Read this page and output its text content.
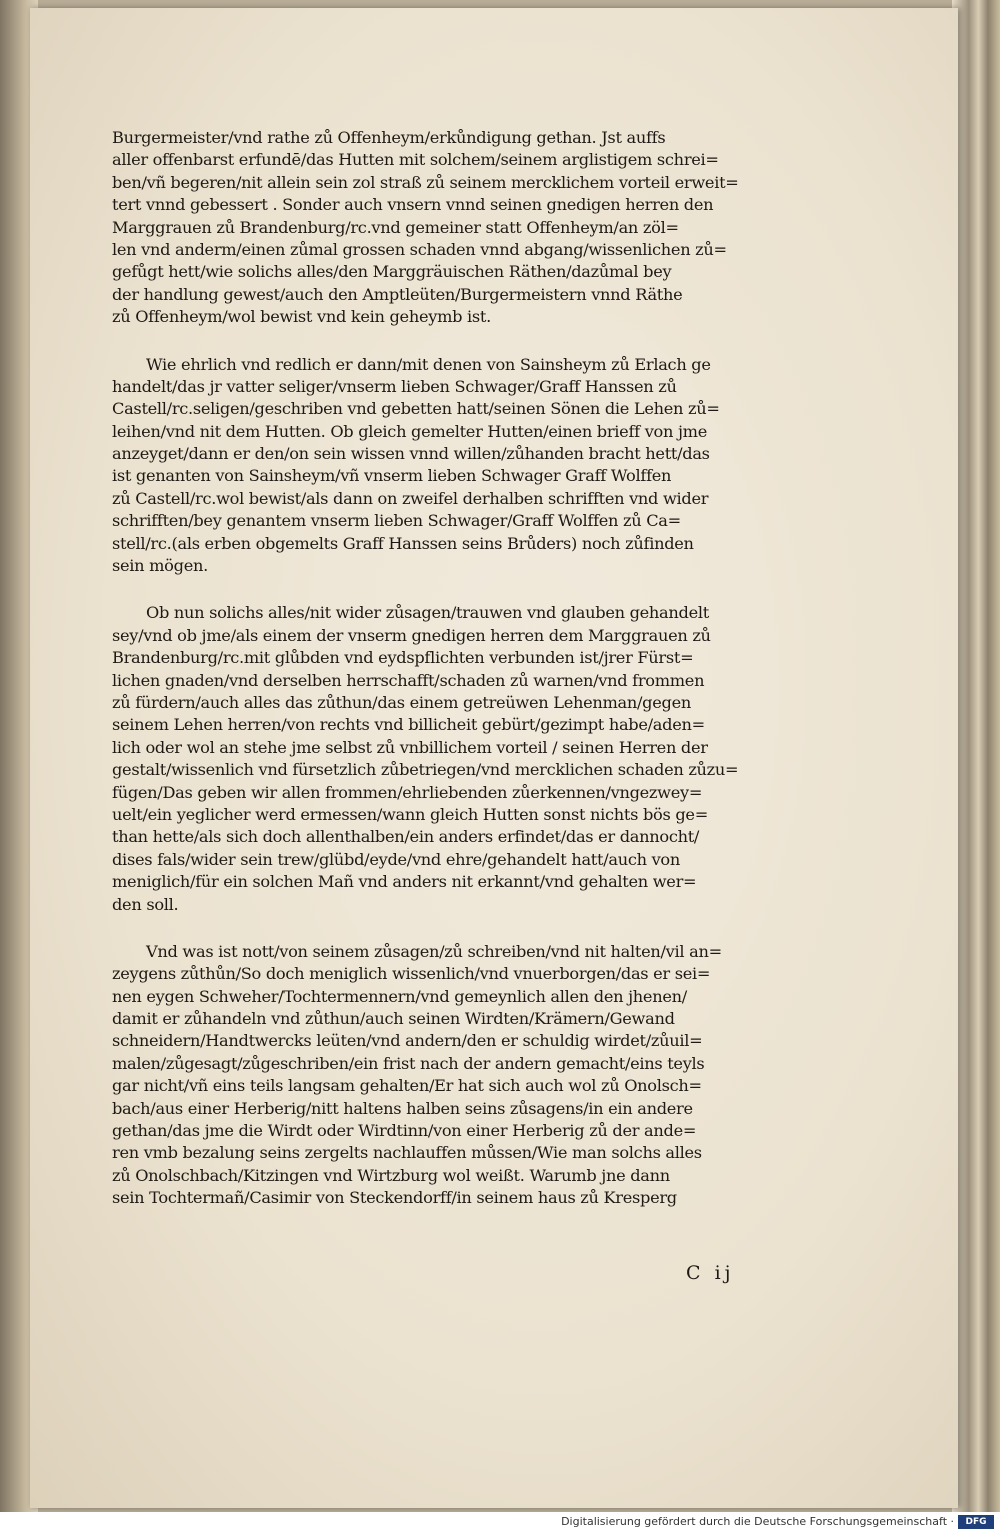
Burgermeister/vnd rathe zů Offenheym/erkůndigung gethan. Jst auffs
aller offenbarst erfundē/das Hutten mit solchem/seinem arglistigem schrei=
ben/vñ begeren/nit allein sein zol straß zů seinem mercklichem vorteil erweit=
tert vnnd gebessert . Sonder auch vnsern vnnd seinen gnedigen herren den
Marggrauen zů Brandenburg/rc.vnd gemeiner statt Offenheym/an zöl=
len vnd anderm/einen zůmal grossen schaden vnnd abgang/wissenlichen zů=
gefůgt hett/wie solichs alles/den Marggräuischen Räthen/dazůmal bey
der handlung gewest/auch den Amptleüten/Burgermeistern vnnd Räthe
zů Offenheym/wol bewist vnd kein geheymb ist.
Wie ehrlich vnd redlich er dann/mit denen von Sainsheym zů Erlach ge
handelt/das jr vatter seliger/vnserm lieben Schwager/Graff Hanssen zů
Castell/rc.seligen/geschriben vnd gebetten hatt/seinen Sönen die Lehen zů=
leihen/vnd nit dem Hutten. Ob gleich gemelter Hutten/einen brieff von jme
anzeyget/dann er den/on sein wissen vnnd willen/zůhanden bracht hett/das
ist genanten von Sainsheym/vñ vnserm lieben Schwager Graff Wolffen
zů Castell/rc.wol bewist/als dann on zweifel derhalben schrifften vnd wider
schrifften/bey genantem vnserm lieben Schwager/Graff Wolffen zů Ca=
stell/rc.(als erben obgemelts Graff Hanssen seins Brůders) noch zůfinden
sein mögen.
Ob nun solichs alles/nit wider zůsagen/trauwen vnd glauben gehandelt
sey/vnd ob jme/als einem der vnserm gnedigen herren dem Marggrauen zů
Brandenburg/rc.mit glůbden vnd eydspflichten verbunden ist/jrer Fürst=
lichen gnaden/vnd derselben herrschafft/schaden zů warnen/vnd frommen
zů fürdern/auch alles das zůthun/das einem getreüwen Lehenman/gegen
seinem Lehen herren/von rechts vnd billicheit gebürt/gezimpt habe/aden=
lich oder wol an stehe jme selbst zů vnbillichem vorteil / seinen Herren der
gestalt/wissenlich vnd fürsetzlich zůbetriegen/vnd mercklichen schaden zůzu=
fügen/Das geben wir allen frommen/ehrliebenden zůerkennen/vngezwey=
uelt/ein yeglicher werd ermessen/wann gleich Hutten sonst nichts bös ge=
than hette/als sich doch allenthalben/ein anders erfindet/das er dannocht/
dises fals/wider sein trew/glübd/eyde/vnd ehre/gehandelt hatt/auch von
meniglich/für ein solchen Mañ vnd anders nit erkannt/vnd gehalten wer=
den soll.
Vnd was ist nott/von seinem zůsagen/zů schreiben/vnd nit halten/vil an=
zeygens zůthůn/So doch meniglich wissenlich/vnd vnuerborgen/das er sei=
nen eygen Schweher/Tochtermennern/vnd gemeynlich allen den jhenen/
damit er zůhandeln vnd zůthun/auch seinen Wirdten/Krämern/Gewand
schneidern/Handtwercks leüten/vnd andern/den er schuldig wirdet/zůuil=
malen/zůgesagt/zůgeschriben/ein frist nach der andern gemacht/eins teyls
gar nicht/vñ eins teils langsam gehalten/Er hat sich auch wol zů Onolsch=
bach/aus einer Herberig/nitt haltens halben seins zůsagens/in ein andere
gethan/das jme die Wirdt oder Wirdtinn/von einer Herberig zů der ande=
ren vmb bezalung seins zergelts nachlauffen můssen/Wie man solchs alles
zů Onolschbach/Kitzingen vnd Wirtzburg wol weißt. Warumb jne dann
sein Tochtermañ/Casimir von Steckendorff/in seinem haus zů Kresperg
C ij
Digitalisierung gefördert durch die Deutsche Forschungsgemeinschaft ·	DFG
